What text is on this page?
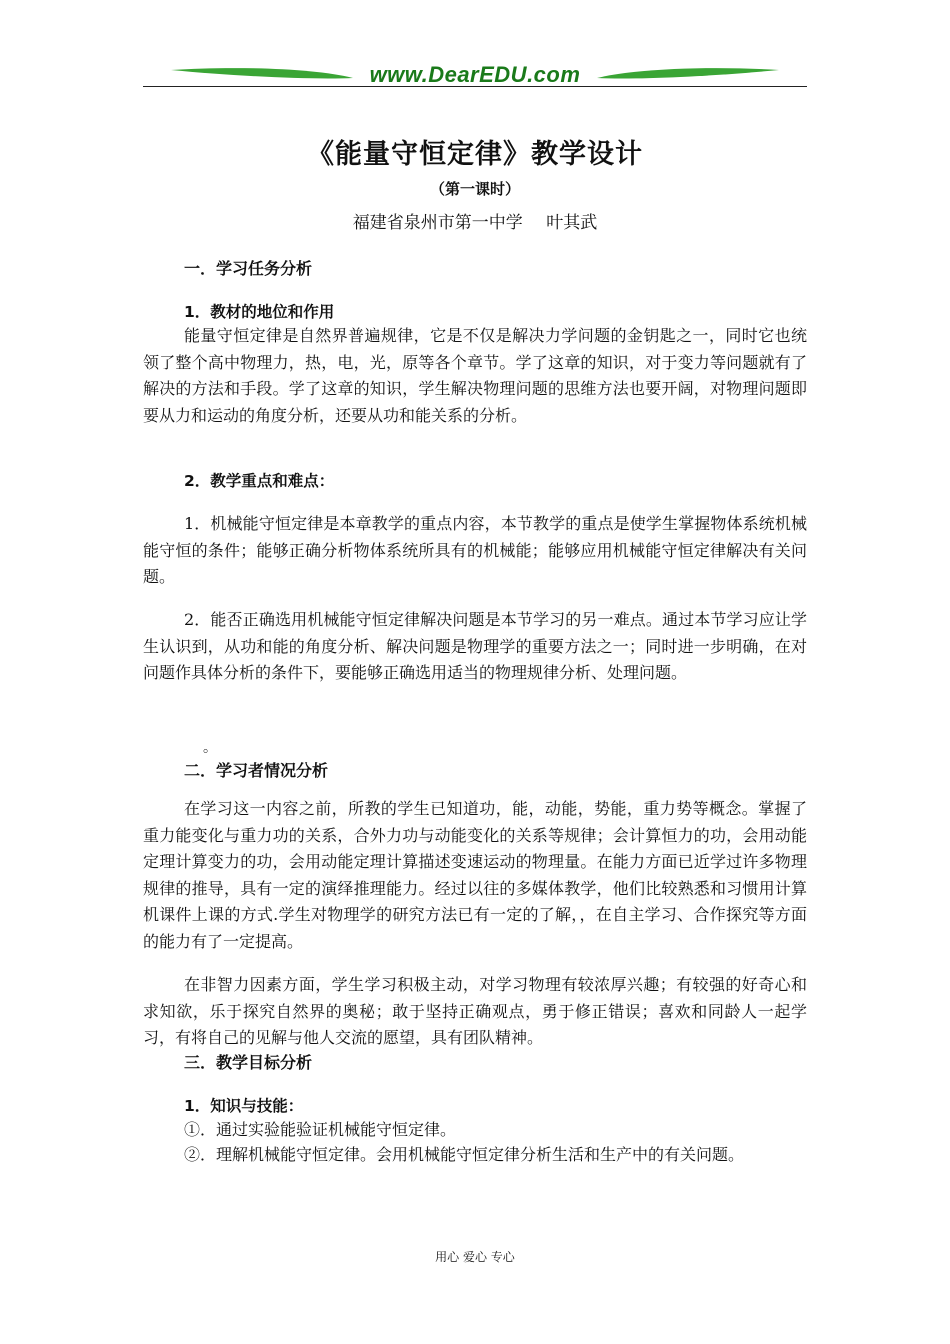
www.DearEDU.com
《能量守恒定律》教学设计
（第一课时）
福建省泉州市第一中学 叶其武
一．学习任务分析
1．教材的地位和作用

能量守恒定律是自然界普遍规律，它是不仅是解决力学问题的金钥匙之一，同时它也统领了整个高中物理力，热，电，光，原等各个章节。学了这章的知识，对于变力等问题就有了解决的方法和手段。学了这章的知识，学生解决物理问题的思维方法也要开阔，对物理问题即要从力和运动的角度分析，还要从功和能关系的分析。

2．教学重点和难点：

1．机械能守恒定律是本章教学的重点内容，本节教学的重点是使学生掌握物体系统机械能守恒的条件；能够正确分析物体系统所具有的机械能；能够应用机械能守恒定律解决有关问题。

2．能否正确选用机械能守恒定律解决问题是本节学习的另一难点。通过本节学习应让学生认识到，从功和能的角度分析、解决问题是物理学的重要方法之一；同时进一步明确，在对问题作具体分析的条件下，要能够正确选用适当的物理规律分析、处理问题。

。
二．学习者情况分析

在学习这一内容之前，所教的学生已知道功，能，动能，势能，重力势等概念。掌握了重力能变化与重力功的关系，合外力功与动能变化的关系等规律；会计算恒力的功，会用动能定理计算变力的功，会用动能定理计算描述变速运动的物理量。在能力方面已近学过许多物理规律的推导，具有一定的演绎推理能力。经过以往的多媒体教学，他们比较熟悉和习惯用计算机课件上课的方式.学生对物理学的研究方法已有一定的了解，，在自主学习、合作探究等方面的能力有了一定提高。

在非智力因素方面，学生学习积极主动，对学习物理有较浓厚兴趣；有较强的好奇心和求知欲，乐于探究自然界的奥秘；敢于坚持正确观点，勇于修正错误；喜欢和同龄人一起学习，有将自己的见解与他人交流的愿望，具有团队精神。

三．教学目标分析
1．知识与技能：
①．通过实验能验证机械能守恒定律。

②．理解机械能守恒定律。会用机械能守恒定律分析生活和生产中的有关问题。

用心 爱心 专心
